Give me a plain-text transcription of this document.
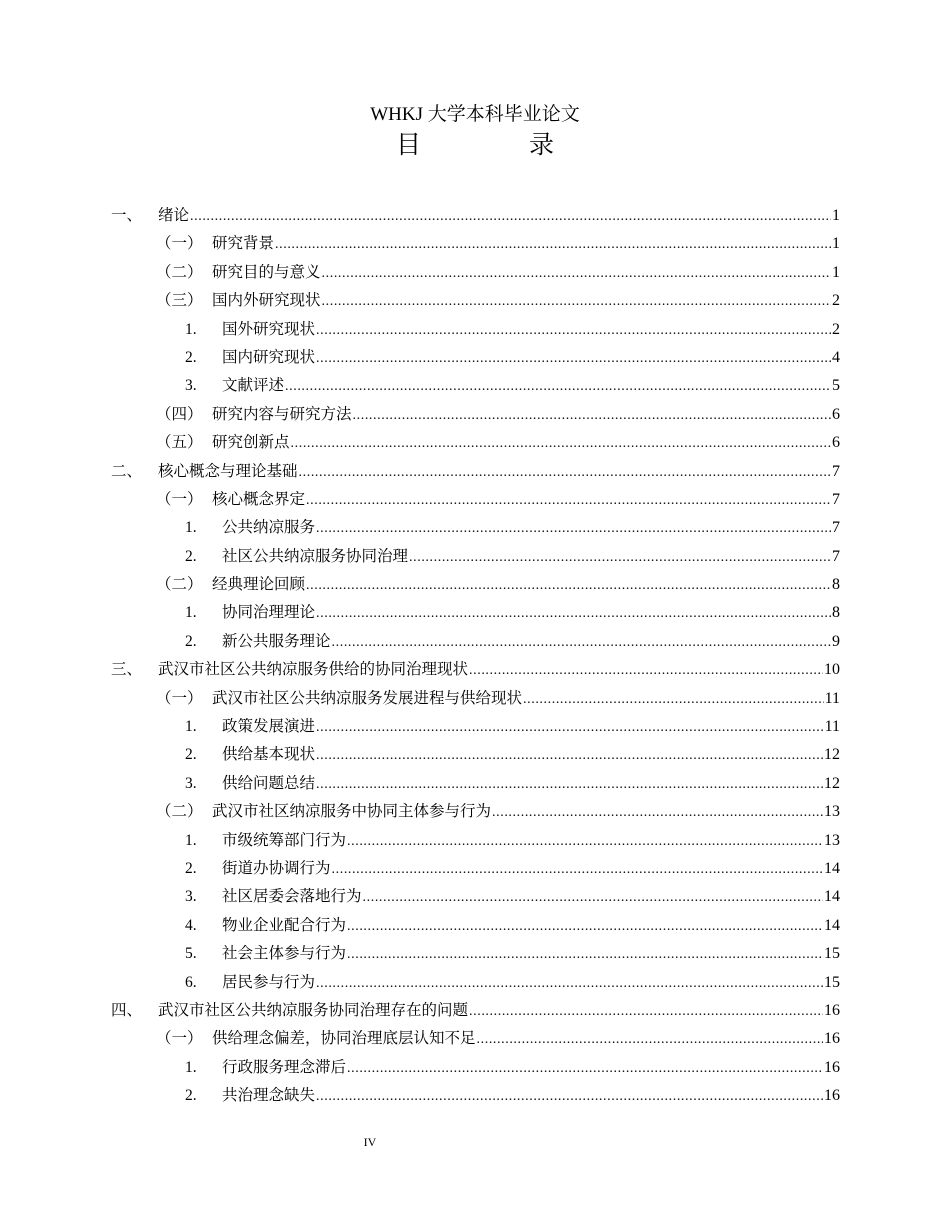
WHKJ 大学本科毕业论文
目 录
一、	绪论 .....	1
（一） 研究背景 .....	1
（二） 研究目的与意义 .....	1
（三） 国内外研究现状 .....	2
1.	国外研究现状 .....	2
2.	国内研究现状 .....	4
3.	文献评述 .....	5
（四） 研究内容与研究方法 .....	6
（五） 研究创新点 .....	6
二、	核心概念与理论基础 .....	7
（一） 核心概念界定 .....	7
1.	公共纳凉服务 .....	7
2.	社区公共纳凉服务协同治理 .....	7
（二） 经典理论回顾 .....	8
1.	协同治理理论 .....	8
2.	新公共服务理论 .....	9
三、	武汉市社区公共纳凉服务供给的协同治理现状 .....	10
（一） 武汉市社区公共纳凉服务发展进程与供给现状 .....	11
1.	政策发展演进 .....	11
2.	供给基本现状 .....	12
3.	供给问题总结 .....	12
（二） 武汉市社区纳凉服务中协同主体参与行为 .....	13
1.	市级统筹部门行为 .....	13
2.	街道办协调行为 .....	14
3.	社区居委会落地行为 .....	14
4.	物业企业配合行为 .....	14
5.	社会主体参与行为 .....	15
6.	居民参与行为 .....	15
四、	武汉市社区公共纳凉服务协同治理存在的问题 .....	16
（一） 供给理念偏差，协同治理底层认知不足 .....	16
1.	行政服务理念滞后 .....	16
2.	共治理念缺失 .....	16
IV
